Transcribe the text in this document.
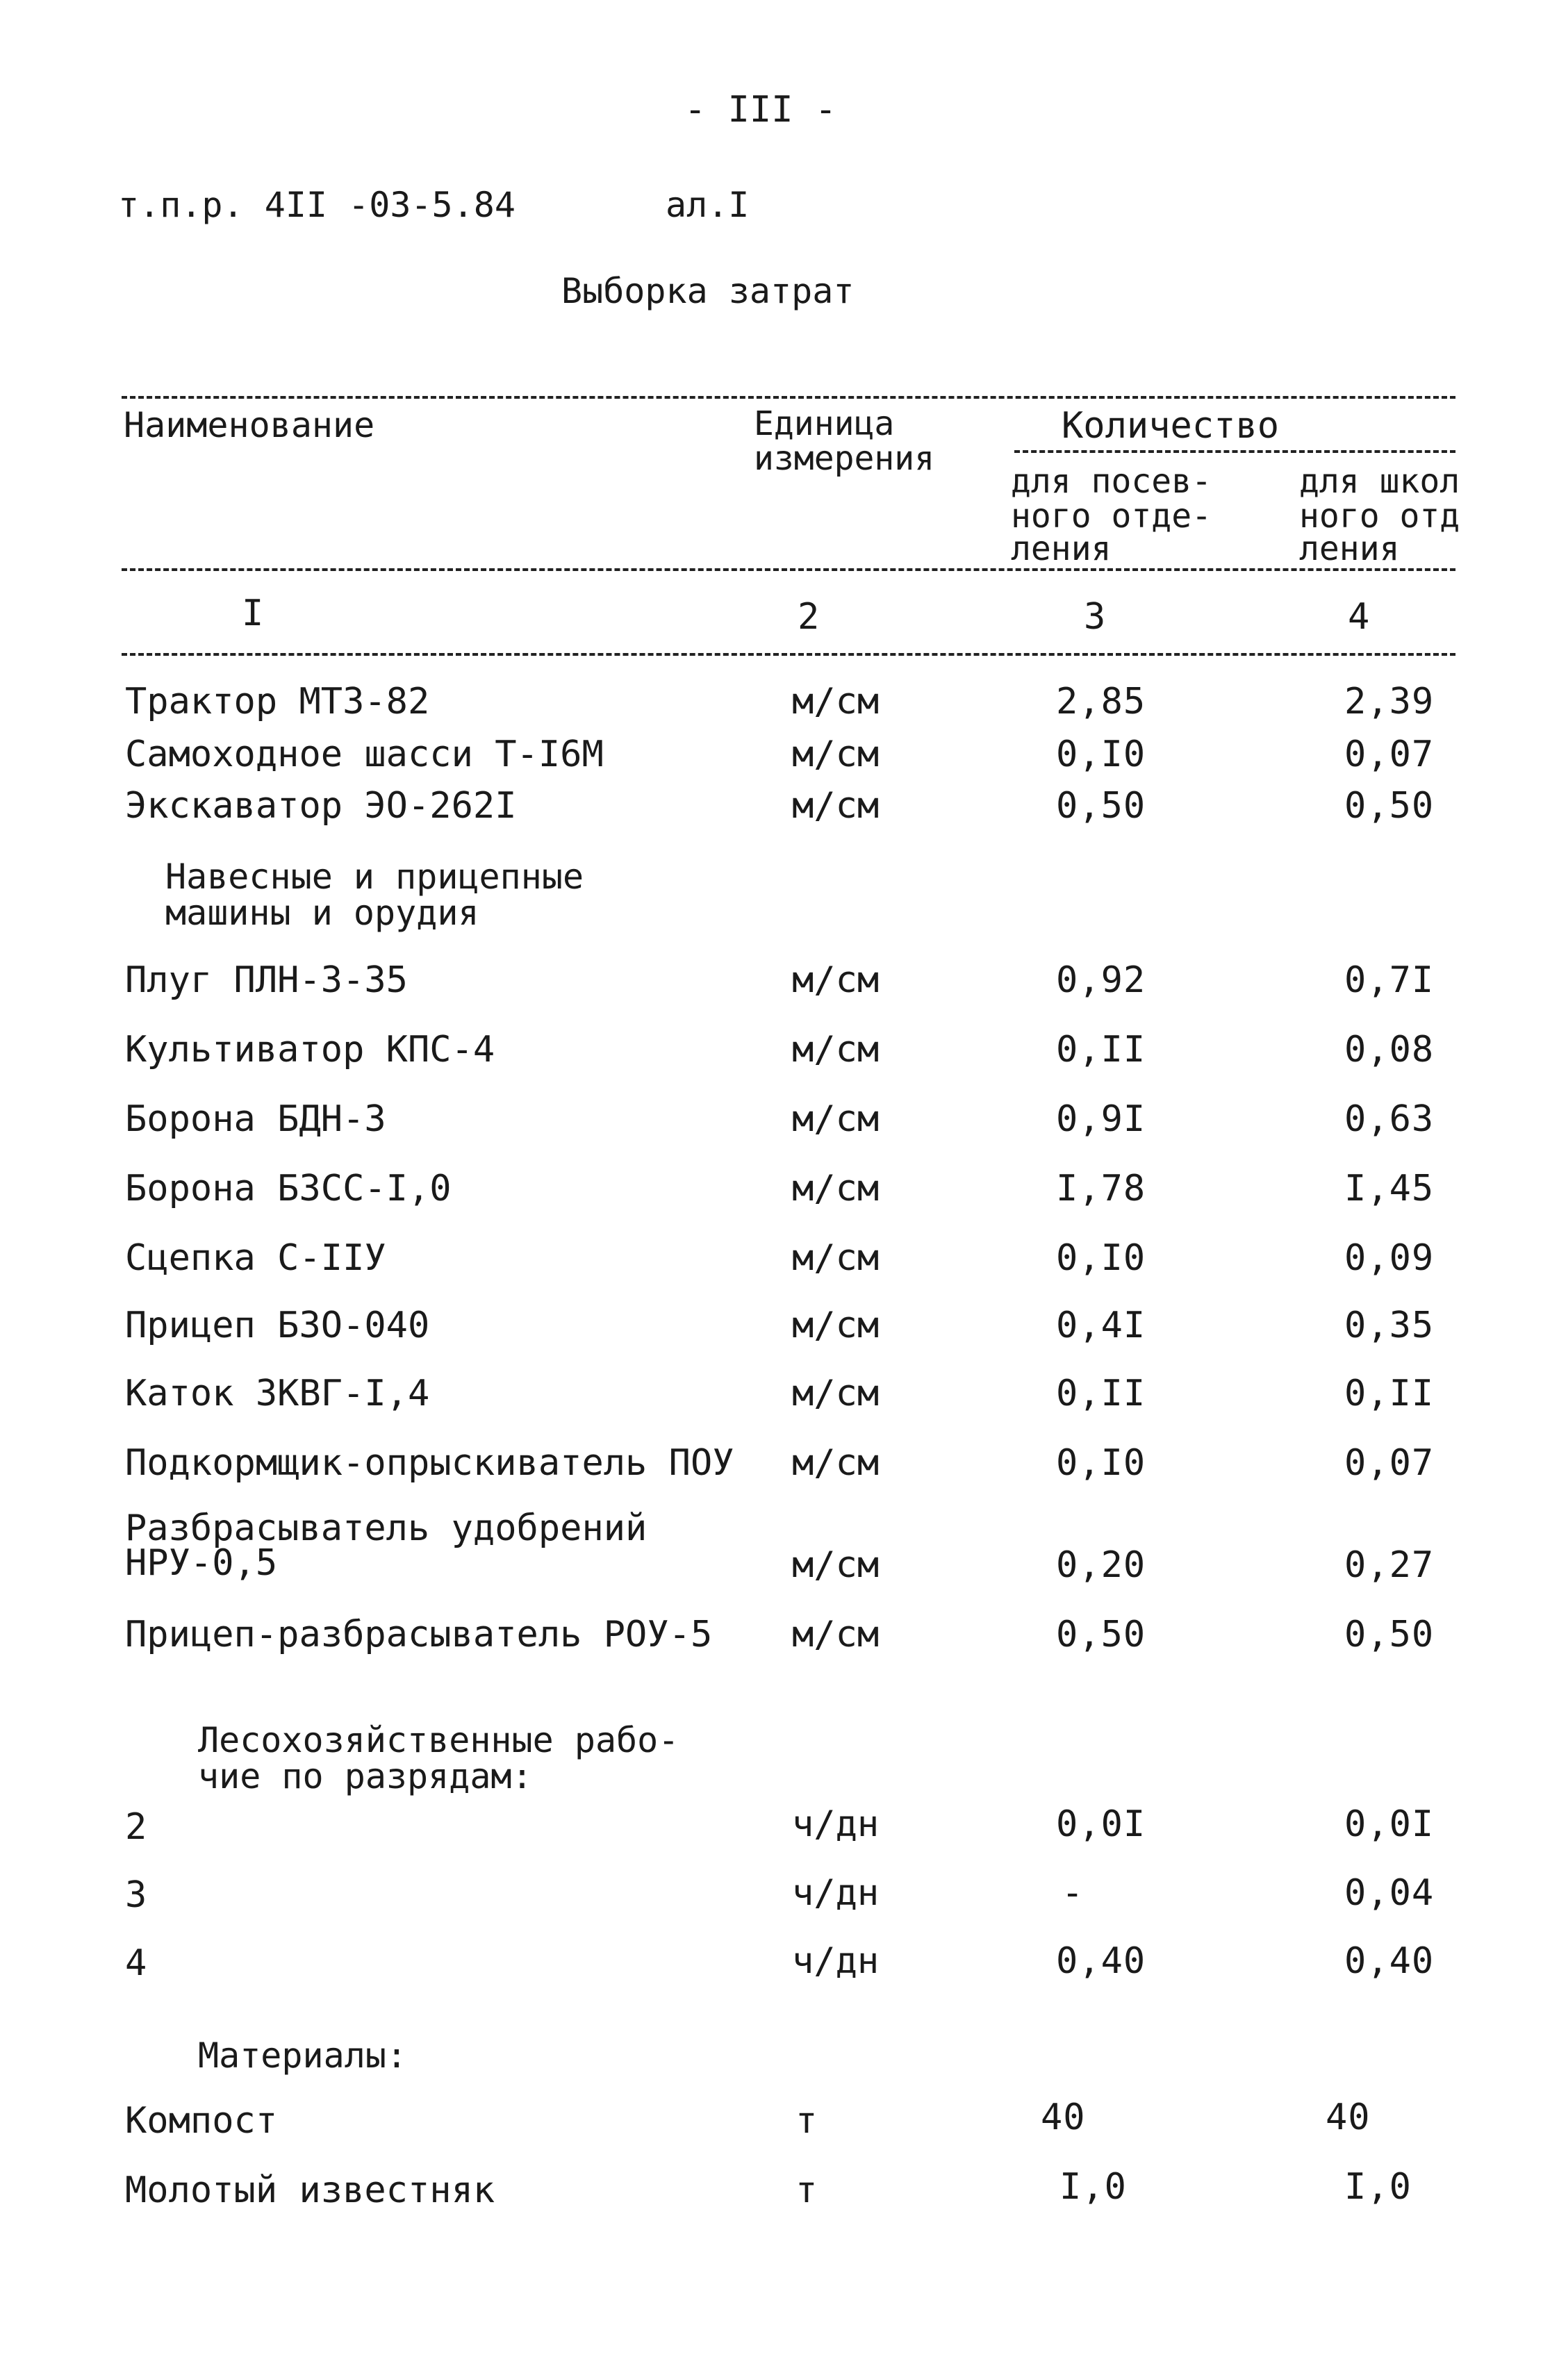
- III -
т.п.р. 4II -03-5.84	ал.I
Выборка затрат
Наименование	Единица
измерения
Количество
для посев-
ного отде-
ления
для школ
ного отд
ления
I	2	3	4
Трактор МТЗ-82	м/см	2,85	2,39
Самоходное шасси Т-I6М	м/см	0,I0	0,07
Экскаватор ЭО-262I	м/см	0,50	0,50
Навесные и прицепные
машины и орудия
Плуг ПЛН-3-35	м/см	0,92	0,7I
Культиватор КПС-4	м/см	0,II	0,08
Борона БДН-3	м/см	0,9I	0,63
Борона БЗСС-I,0	м/см	I,78	I,45
Сцепка С-IIУ	м/см	0,I0	0,09
Прицеп БЗО-040	м/см	0,4I	0,35
Каток ЗКВГ-I,4	м/см	0,II	0,II
Подкормщик-опрыскиватель ПОУ м/см	0,I0	0,07
Разбрасыватель удобрений
НРУ-0,5	м/см	0,20	0,27
Прицеп-разбрасыватель РОУ-5 м/см	0,50	0,50
Лесохозяйственные рабо-
чие по разрядам:
2	ч/дн	0,0I	0,0I
3	ч/дн	-	0,04
4	ч/дн	0,40	0,40
Материалы:
Компост	т	40	40
Молотый известняк	т	I,0	I,0
